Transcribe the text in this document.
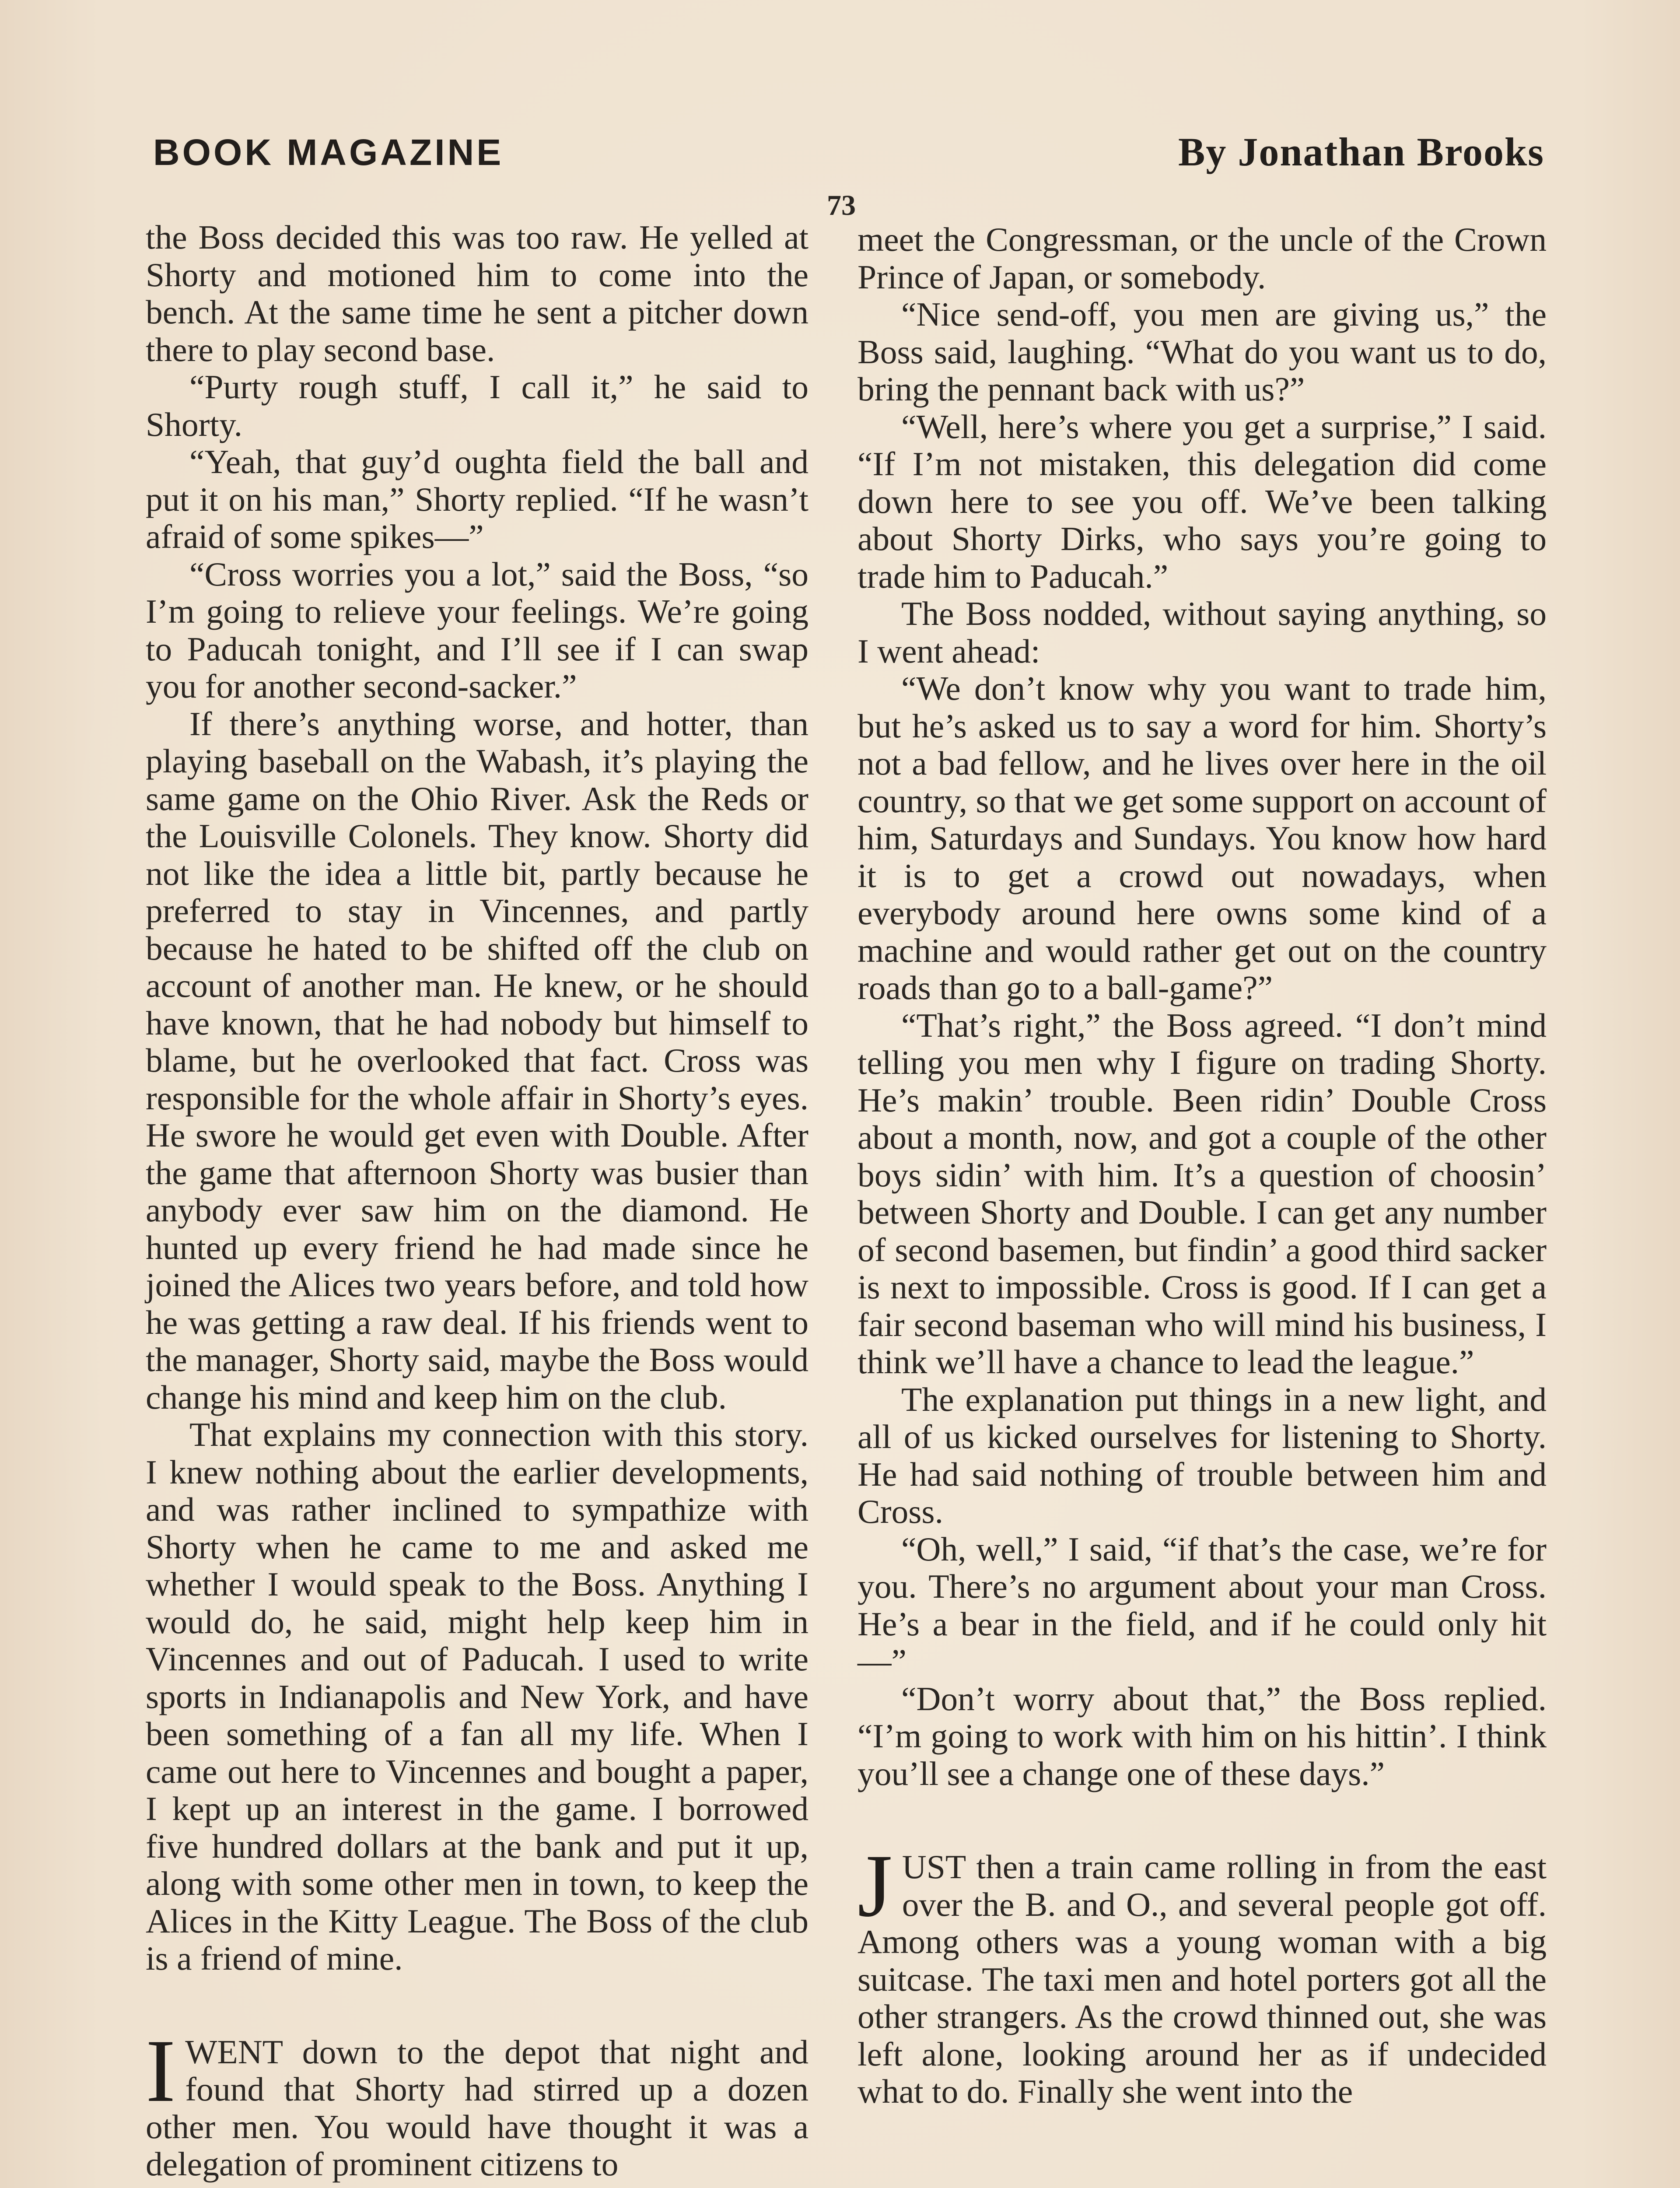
BOOK MAGAZINE	By Jonathan Brooks
73

the Boss decided this was too raw. He yelled at Shorty and motioned him to come into the bench. At the same time he sent a pitcher down there to play second base.

“Purty rough stuff, I call it,” he said to Shorty.

“Yeah, that guy’d oughta field the ball and put it on his man,” Shorty replied. “If he wasn’t afraid of some spikes—”

“Cross worries you a lot,” said the Boss, “so I’m going to relieve your feelings. We’re going to Paducah tonight, and I’ll see if I can swap you for another second-sacker.”

If there’s anything worse, and hotter, than playing baseball on the Wabash, it’s playing the same game on the Ohio River. Ask the Reds or the Louisville Colonels. They know. Shorty did not like the idea a little bit, partly because he preferred to stay in Vincennes, and partly because he hated to be shifted off the club on account of another man. He knew, or he should have known, that he had nobody but himself to blame, but he overlooked that fact. Cross was responsible for the whole affair in Shorty’s eyes. He swore he would get even with Double. After the game that afternoon Shorty was busier than anybody ever saw him on the diamond. He hunted up every friend he had made since he joined the Alices two years before, and told how he was getting a raw deal. If his friends went to the manager, Shorty said, maybe the Boss would change his mind and keep him on the club.

That explains my connection with this story. I knew nothing about the earlier developments, and was rather inclined to sympathize with Shorty when he came to me and asked me whether I would speak to the Boss. Anything I would do, he said, might help keep him in Vincennes and out of Paducah. I used to write sports in Indianapolis and New York, and have been something of a fan all my life. When I came out here to Vincennes and bought a paper, I kept up an interest in the game. I borrowed five hundred dollars at the bank and put it up, along with some other men in town, to keep the Alices in the Kitty League. The Boss of the club is a friend of mine.

IWENT down to the depot that night and found that Shorty had stirred up a dozen other men. You would have thought it was a delegation of prominent citizens to

meet the Congressman, or the uncle of the Crown Prince of Japan, or somebody.

“Nice send-off, you men are giving us,” the Boss said, laughing. “What do you want us to do, bring the pennant back with us?”

“Well, here’s where you get a surprise,” I said. “If I’m not mistaken, this delegation did come down here to see you off. We’ve been talking about Shorty Dirks, who says you’re going to trade him to Paducah.”

The Boss nodded, without saying anything, so I went ahead:

“We don’t know why you want to trade him, but he’s asked us to say a word for him. Shorty’s not a bad fellow, and he lives over here in the oil country, so that we get some support on account of him, Saturdays and Sundays. You know how hard it is to get a crowd out nowadays, when everybody around here owns some kind of a machine and would rather get out on the country roads than go to a ball-game?”

“That’s right,” the Boss agreed. “I don’t mind telling you men why I figure on trading Shorty. He’s makin’ trouble. Been ridin’ Double Cross about a month, now, and got a couple of the other boys sidin’ with him. It’s a question of choosin’ between Shorty and Double. I can get any number of second basemen, but findin’ a good third sacker is next to impossible. Cross is good. If I can get a fair second baseman who will mind his business, I think we’ll have a chance to lead the league.”

The explanation put things in a new light, and all of us kicked ourselves for listening to Shorty. He had said nothing of trouble between him and Cross.

“Oh, well,” I said, “if that’s the case, we’re for you. There’s no argument about your man Cross. He’s a bear in the field, and if he could only hit—”

“Don’t worry about that,” the Boss replied. “I’m going to work with him on his hittin’. I think you’ll see a change one of these days.”

JUST then a train came rolling in from the east over the B. and O., and several people got off. Among others was a young woman with a big suitcase. The taxi men and hotel porters got all the other strangers. As the crowd thinned out, she was left alone, looking around her as if undecided what to do. Finally she went into the
